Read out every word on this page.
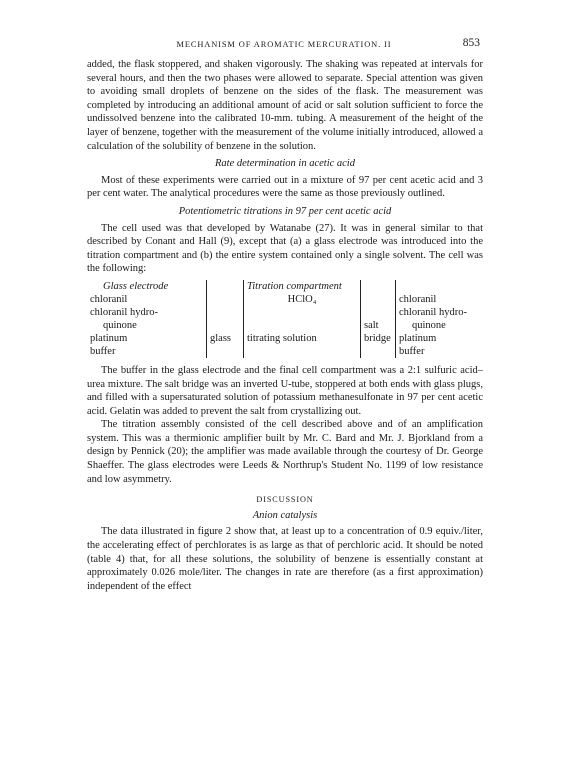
MECHANISM OF AROMATIC MERCURATION. II	853

added, the flask stoppered, and shaken vigorously. The shaking was repeated at intervals for several hours, and then the two phases were allowed to separate. Special attention was given to avoiding small droplets of benzene on the sides of the flask. The measurement was completed by introducing an additional amount of acid or salt solution sufficient to force the undissolved benzene into the calibrated 10-mm. tubing. A measurement of the height of the layer of benzene, together with the measurement of the volume initially introduced, allowed a calculation of the solubility of benzene in the solution.

Rate determination in acetic acid

Most of these experiments were carried out in a mixture of 97 per cent acetic acid and 3 per cent water. The analytical procedures were the same as those previously outlined.

Potentiometric titrations in 97 per cent acetic acid

The cell used was that developed by Watanabe (27). It was in general similar to that described by Conant and Hall (9), except that (a) a glass electrode was introduced into the titration compartment and (b) the entire system contained only a single solvent. The cell was the following:

Glass electrode		Titration compartment		
chloranil		HClO₄		chloranil
chloranil hydro-				chloranil hydro-
quinone			salt	quinone
platinum	glass	titrating solution	bridge	platinum
buffer				buffer

The buffer in the glass electrode and the final cell compartment was a 2:1 sulfuric acid–urea mixture. The salt bridge was an inverted U-tube, stoppered at both ends with glass plugs, and filled with a supersaturated solution of potassium methanesulfonate in 97 per cent acetic acid. Gelatin was added to prevent the salt from crystallizing out.

The titration assembly consisted of the cell described above and of an amplification system. This was a thermionic amplifier built by Mr. C. Bard and Mr. J. Bjorkland from a design by Pennick (20); the amplifier was made available through the courtesy of Dr. George Shaeffer. The glass electrodes were Leeds & Northrup's Student No. 1199 of low resistance and low asymmetry.

DISCUSSION
Anion catalysis

The data illustrated in figure 2 show that, at least up to a concentration of 0.9 equiv./liter, the accelerating effect of perchlorates is as large as that of perchloric acid. It should be noted (table 4) that, for all these solutions, the solubility of benzene is essentially constant at approximately 0.026 mole/liter. The changes in rate are therefore (as a first approximation) independent of the effect
